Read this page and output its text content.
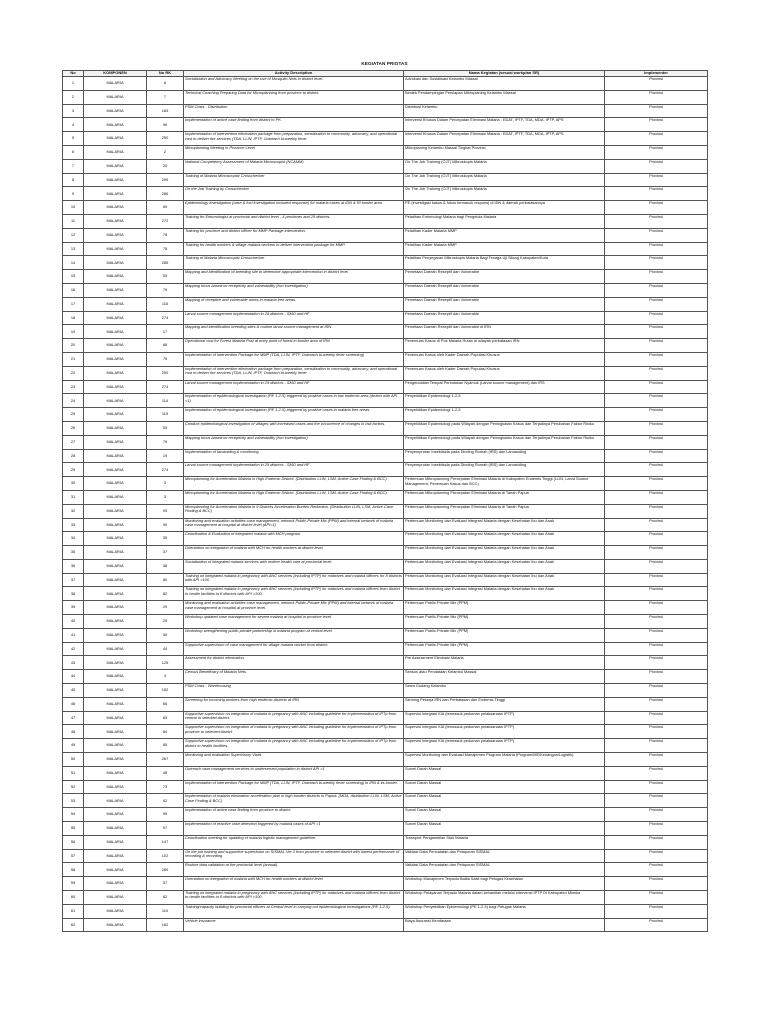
KEGIATAN PRIOTAS
No	KOMPONEN	No RK	Activity Description	Nama Kegiatan (sesuai workplan SR)	Implementer
1	MALARIA	6	Socialization and Advocacy Meeting on the use of Mosquito Nets in district level.	Advokasi dan Sosialisasi Kelambu Massal	Provinsi
2	MALARIA	7	Technical Coaching Preparing Data for Microplanning from province to district.	Bimtek Pendampingan Persiapan Mikroplaning Kelambu Massal	Provinsi
3	MALARIA	183	PSM Costs - Distribution	Distribusi Kelambu	Provinsi
4	MALARIA	96	Implementation of active case finding from district to PK.	Intervensi Khusus Dalam Percepatan Eliminasi Malaria : EDAT, IPTF, TDA, MDA, IPTP, APS	Provinsi
5	MALARIA	250	Implementation of intervention elimination package from preparation, sensitization to community, advocacy, and operational cost to deliver the services (TDA, LLIN, IPTF, Outreach bi-weekly fever	Intervensi Khusus Dalam Percepatan Eliminasi Malaria : EDAT, IPTF, TDA, MDA, IPTP, APS	Provinsi
6	MALARIA	2	Microplanning Meeting in Province Level	Mikroplaning Kelambu Massal Tingkat Provinsi	Provinsi
7	MALARIA	20	National Competency Assessment of Malaria Microscopist (NCAMM)	On The Job Training (OJT) Mikroskopis Malaria	Provinsi
8	MALARIA	295	Training of Malaria Microscopist Crosschecker	On The Job Training (OJT) Mikroskopis Malaria	Provinsi
9	MALARIA	286	On the Job Training by Crosschecker	On The Job Training (OJT) Mikroskopis Malaria	Provinsi
10	MALARIA	69	Epidemiology investigation (case & foci investigation included response) for malaria cases at IDN & RI border area.	PE (investigasi kasus & fokus termasuk respons) di IDN & daerah perbatasannya	Provinsi
11	MALARIA	272	Training for Entomologist at provincial and district level - 4 provinces and 29 districts.	Pelatihan Entomologi Malaria bagi Pengelola Malaria	Provinsi
12	MALARIA	76	Training for province and district officer for MMP Package intervention.	Pelatihan Kader Malaria MMP	Provinsi
13	MALARIA	78	Training for health workers & village malaria workers to deliver intervention package for MMP.	Pelatihan Kader Malaria MMP	Provinsi
14	MALARIA	285	Training of Malaria Microscopist Crosschecker	Pelatihan Penyegaran Mikroskopis Malaria Bagi Tenaga Uji Silang Kabupaten/Kota	Provinsi
15	MALARIA	53	Mapping and identification of breeding site to determine appropriate intervention in district level	Pemetaan Daerah Reseptif dan Vulnerable	Provinsi
16	MALARIA	79	Mapping focus based on receptivity and vulnerability (foci investigation)	Pemetaan Daerah Reseptif dan Vulnerable	Provinsi
17	MALARIA	116	Mapping of receptive and vulnerable areas in malaria free areas.	Pemetaan Daerah Reseptif dan Vulnerable	Provinsi
18	MALARIA	274	Larvai source management implementation in 29 districts - SMO and HF	Pemetaan Daerah Reseptif dan Vulnerable	Provinsi
19	MALARIA	17	Mapping and identification breeding sites & routine larvai source management at IRN	Pemetaan Daerah Reseptif dan Vulnerable di IRN	Provinsi
20	MALARIA	68	Operational cost for Forest Malaria Post at entry point of forest in border area of IRN	Penemuan Kasus di Pos Malaria Hutan di wilayah perbatasan IRN	Provinsi
21	MALARIA	75	Implementation of intervention Package for MMP (TDA, LLIN, IPTF, Outreach bi-weekly fever screening)	Penemuan Kasus oleh Kader Daerah Populasi Khusus	Provinsi
22	MALARIA	250	Implementation of intervention elimination package from preparation, sensitization to community, advocacy, and operational cost to deliver the services (TDA, LLIN, IPTF, Outreach bi-weekly fever	Penemuan Kasus oleh Kader Daerah Populasi Khusus	Provinsi
23	MALARIA	274	Larvai source management implementation in 29 districts - SMO and HF	Pengendalian Tempat Perindukan Nyamuk (Larvai source management) dan IRS	Provinsi
24	MALARIA	114	Implementation of epidemiological investigation (PE 1-2-5) triggered by positive cases in low endemic area (district with API <1)	Penyelidikan Epidemiologi 1-2-5	Provinsi
25	MALARIA	115	Implementation of epidemiological investigation (PE 1-2-5) triggered by positive cases in malaria free areas.	Penyelidikan Epidemiologi 1-2-5	Provinsi
26	MALARIA	53	Conduct epidemiological investigation of villages with increased cases and the occurrence of changes in risk factors.	Penyelidikan Epidemiologi pada Wilayah dengan Peningkatan Kasus dan Terjadinya Perubahan Faktor Risiko	Provinsi
27	MALARIA	79	Mapping focus based on receptivity and vulnerability (foci investigation)	Penyelidikan Epidemiologi pada Wilayah dengan Peningkatan Kasus dan Terjadinya Perubahan Faktor Risiko	Provinsi
28	MALARIA	19	Implementation of larvaciding & monitoring.	Penyemprotan Insektisida pada Dinding Rumah (IRS) dan Larvasiding	Provinsi
29	MALARIA	274	Larvai source management implementation in 29 districts - SMO and HF	Penyemprotan Insektisida pada Dinding Rumah (IRS) dan Larvasiding	Provinsi
30	MALARIA	3	Microplanning for Acceleration Malaria in High Endemic District. (Distribution LLIN, LSM, Active Case Finding & BCC)	Pertemuan Mikroplanning Percepatan Eliminasi Malaria di Kabupaten Endemis Tinggi (LLIN, Larva Source Management, Penemuan Kasus dan BCC)	Provinsi
31	MALARIA	3	Microplanning for Acceleration Malaria in High Endemic District. (Distribution LLIN, LSM, Active Case Finding & BCC)	Pertemuan Mikroplanning Percepatan Eliminasi Malaria di Tanah Papua	Provinsi
32	MALARIA	93	Microplanning for Acceleration Malaria in 9 Districts Acceleration Burden Reduction. (Distribution LLIN, LSM, Active Case Finding & BCC)	Pertemuan Mikroplanning Percepatan Eliminasi Malaria di Tanah Papua	Provinsi
33	MALARIA	90	Monitoring and evaluation activities case management, network Public-Private Mix (PPM) and internal network of malaria case management at hospital at district level (API<1)	Pertemuan Monitoring dan Evaluasi Integrasi Malaria dengan Kesehatan Ibu dan Anak	Provinsi
34	MALARIA	35	Coordination & Evaluation of integrated malaria with MCH program.	Pertemuan Monitoring dan Evaluasi Integrasi Malaria dengan Kesehatan Ibu dan Anak	Provinsi
35	MALARIA	37	Orientation on integration of malaria with MCH for health workers at district level.	Pertemuan Monitoring dan Evaluasi Integrasi Malaria dengan Kesehatan Ibu dan Anak	Provinsi
36	MALARIA	38	Socialization of integrated malaria services with mother health care at provincial level.	Pertemuan Monitoring dan Evaluasi Integrasi Malaria dengan Kesehatan Ibu dan Anak	Provinsi
37	MALARIA	80	Training on integrated malaria in pregnancy with ANC services (including IPTP) for midwives and malaria officers for 8 districts with API >100.	Pertemuan Monitoring dan Evaluasi Integrasi Malaria dengan Kesehatan Ibu dan Anak	Provinsi
38	MALARIA	82	Training on integrated malaria in pregnancy with ANC services (including IPTP) for midwives and malaria officers from district to health facilities in 8 districts with API >100.	Pertemuan Monitoring dan Evaluasi Integrasi Malaria dengan Kesehatan Ibu dan Anak	Provinsi
39	MALARIA	29	Monitoring and evaluation activities case management, network Public-Private Mix (PPM) and internal network of malaria case management at hospital at province level.	Pertemuan Public-Private Mix (PPM)	Provinsi
40	MALARIA	29	Workshop updated case management for severe malaria at hospital in province level.	Pertemuan Public-Private Mix (PPM)	Provinsi
41	MALARIA	30	Workshop strengthening public-private partnership in malaria program at central level.	Pertemuan Public-Private Mix (PPM)	Provinsi
42	MALARIA	44	Supportive supervision of case management for village malaria worker from district.	Pertemuan Public-Private Mix (PPM)	Provinsi
43	MALARIA	125	Assessment for district elimination.	Pre Assessment Eliminasi Malaria	Provinsi
44	MALARIA	4	Census Beneficiary of Malaria Nets.	Sensus atau Pendataan Kelambu Massal	Provinsi
45	MALARIA	182	PSM Costs - Warehousing	Sewa Gudang Kelambu	Provinsi
46	MALARIA	66	Screening for incoming workers from high endemic districts at IRN	Skrining Pekerja IRN dan Perbatasan dan Endemis Tinggi	Provinsi
47	MALARIA	83	Supportive supervision on integration of malaria in pregnancy with ANC including guideline for implementation of IPTp from central to selected district.	Supervisi Integrasi KIA (termasuk pedoman pelaksanaan IPTP)	Provinsi
48	MALARIA	84	Supportive supervision on integration of malaria in pregnancy with ANC including guideline for implementation of IPTp from province to selected district.	Supervisi Integrasi KIA (termasuk pedoman pelaksanaan IPTP)	Provinsi
49	MALARIA	85	Supportive supervision on integration of malaria in pregnancy with ANC including guideline for implementation of IPTp from district to health facilities.	Supervisi Integrasi KIA (termasuk pedoman pelaksanaan IPTP)	Provinsi
50	MALARIA	267	Monitoring and evaluation Supervisory Visits	Supervisi Monitoring dan Evaluasi Manajemen Program Malaria (Program/ME/Keuangan/Logistik)	Provinsi
51	MALARIA	48	Outreach case management services to underserved population in district API >1	Survei Darah Massal	Provinsi
52	MALARIA	73	Implementation of intervention Package for MMP (TDA, LLIN, IPTF, Outreach bi-weekly fever screening) in IRN & its border.	Survei Darah Massal	Provinsi
53	MALARIA	92	Implementation of malaria elimination acceleration plan in high burden districts in Papua. (MDA, distribution LLIN, LSM, Active Case Finding & BCC)	Survei Darah Massal	Provinsi
54	MALARIA	95	Implementation of active case finding from province to district.	Survei Darah Massal	Provinsi
55	MALARIA	97	Implementation of reactive case detection triggered by malaria cases of API >1	Survei Darah Massal	Provinsi
56	MALARIA	147	Coordination meeting for updating of malaria logistic management guideline.	Transport Pengambilan Stok Malaria	Provinsi
57	MALARIA	102	On the job training and supportive supervision on SISMAL Ver.3 from province to selected district with lowest performance of recording & recording.	Validasi Data Pencatatan dan Pelaporan SISMAL	Provinsi
58	MALARIA	289	Routine data validation at the provincial level (annual).	Validasi Data Pencatatan dan Pelaporan SISMAL	Provinsi
59	MALARIA	37	Orientation on integration of malaria with MCH for health workers at district level.	Workshop Manajemen Terpadu Balita Sakit bagi Petugas Kesehatan	Provinsi
60	MALARIA	82	Training on integrated malaria in pregnancy with ANC services (including IPTP) for midwives and malaria officers from district to health facilities in 8 districts with API >100.	Workshop Pelayanan Terpadu Malaria dalam kehamilan melalui intervensi IPTP Di Kabupaten Mimika	Provinsi
61	MALARIA	110	Training/capacity building for provincial officers at Central level in carrying out epidemiological investigations (PE 1-2-5).	Workshop Penyelidikan Epidemiologi (PE 1-2-5) bagi Petugas Malaria	Provinsi
62	MALARIA	162	Vehicle insurance	Biaya Asuransi Kendaraan	Provinsi
